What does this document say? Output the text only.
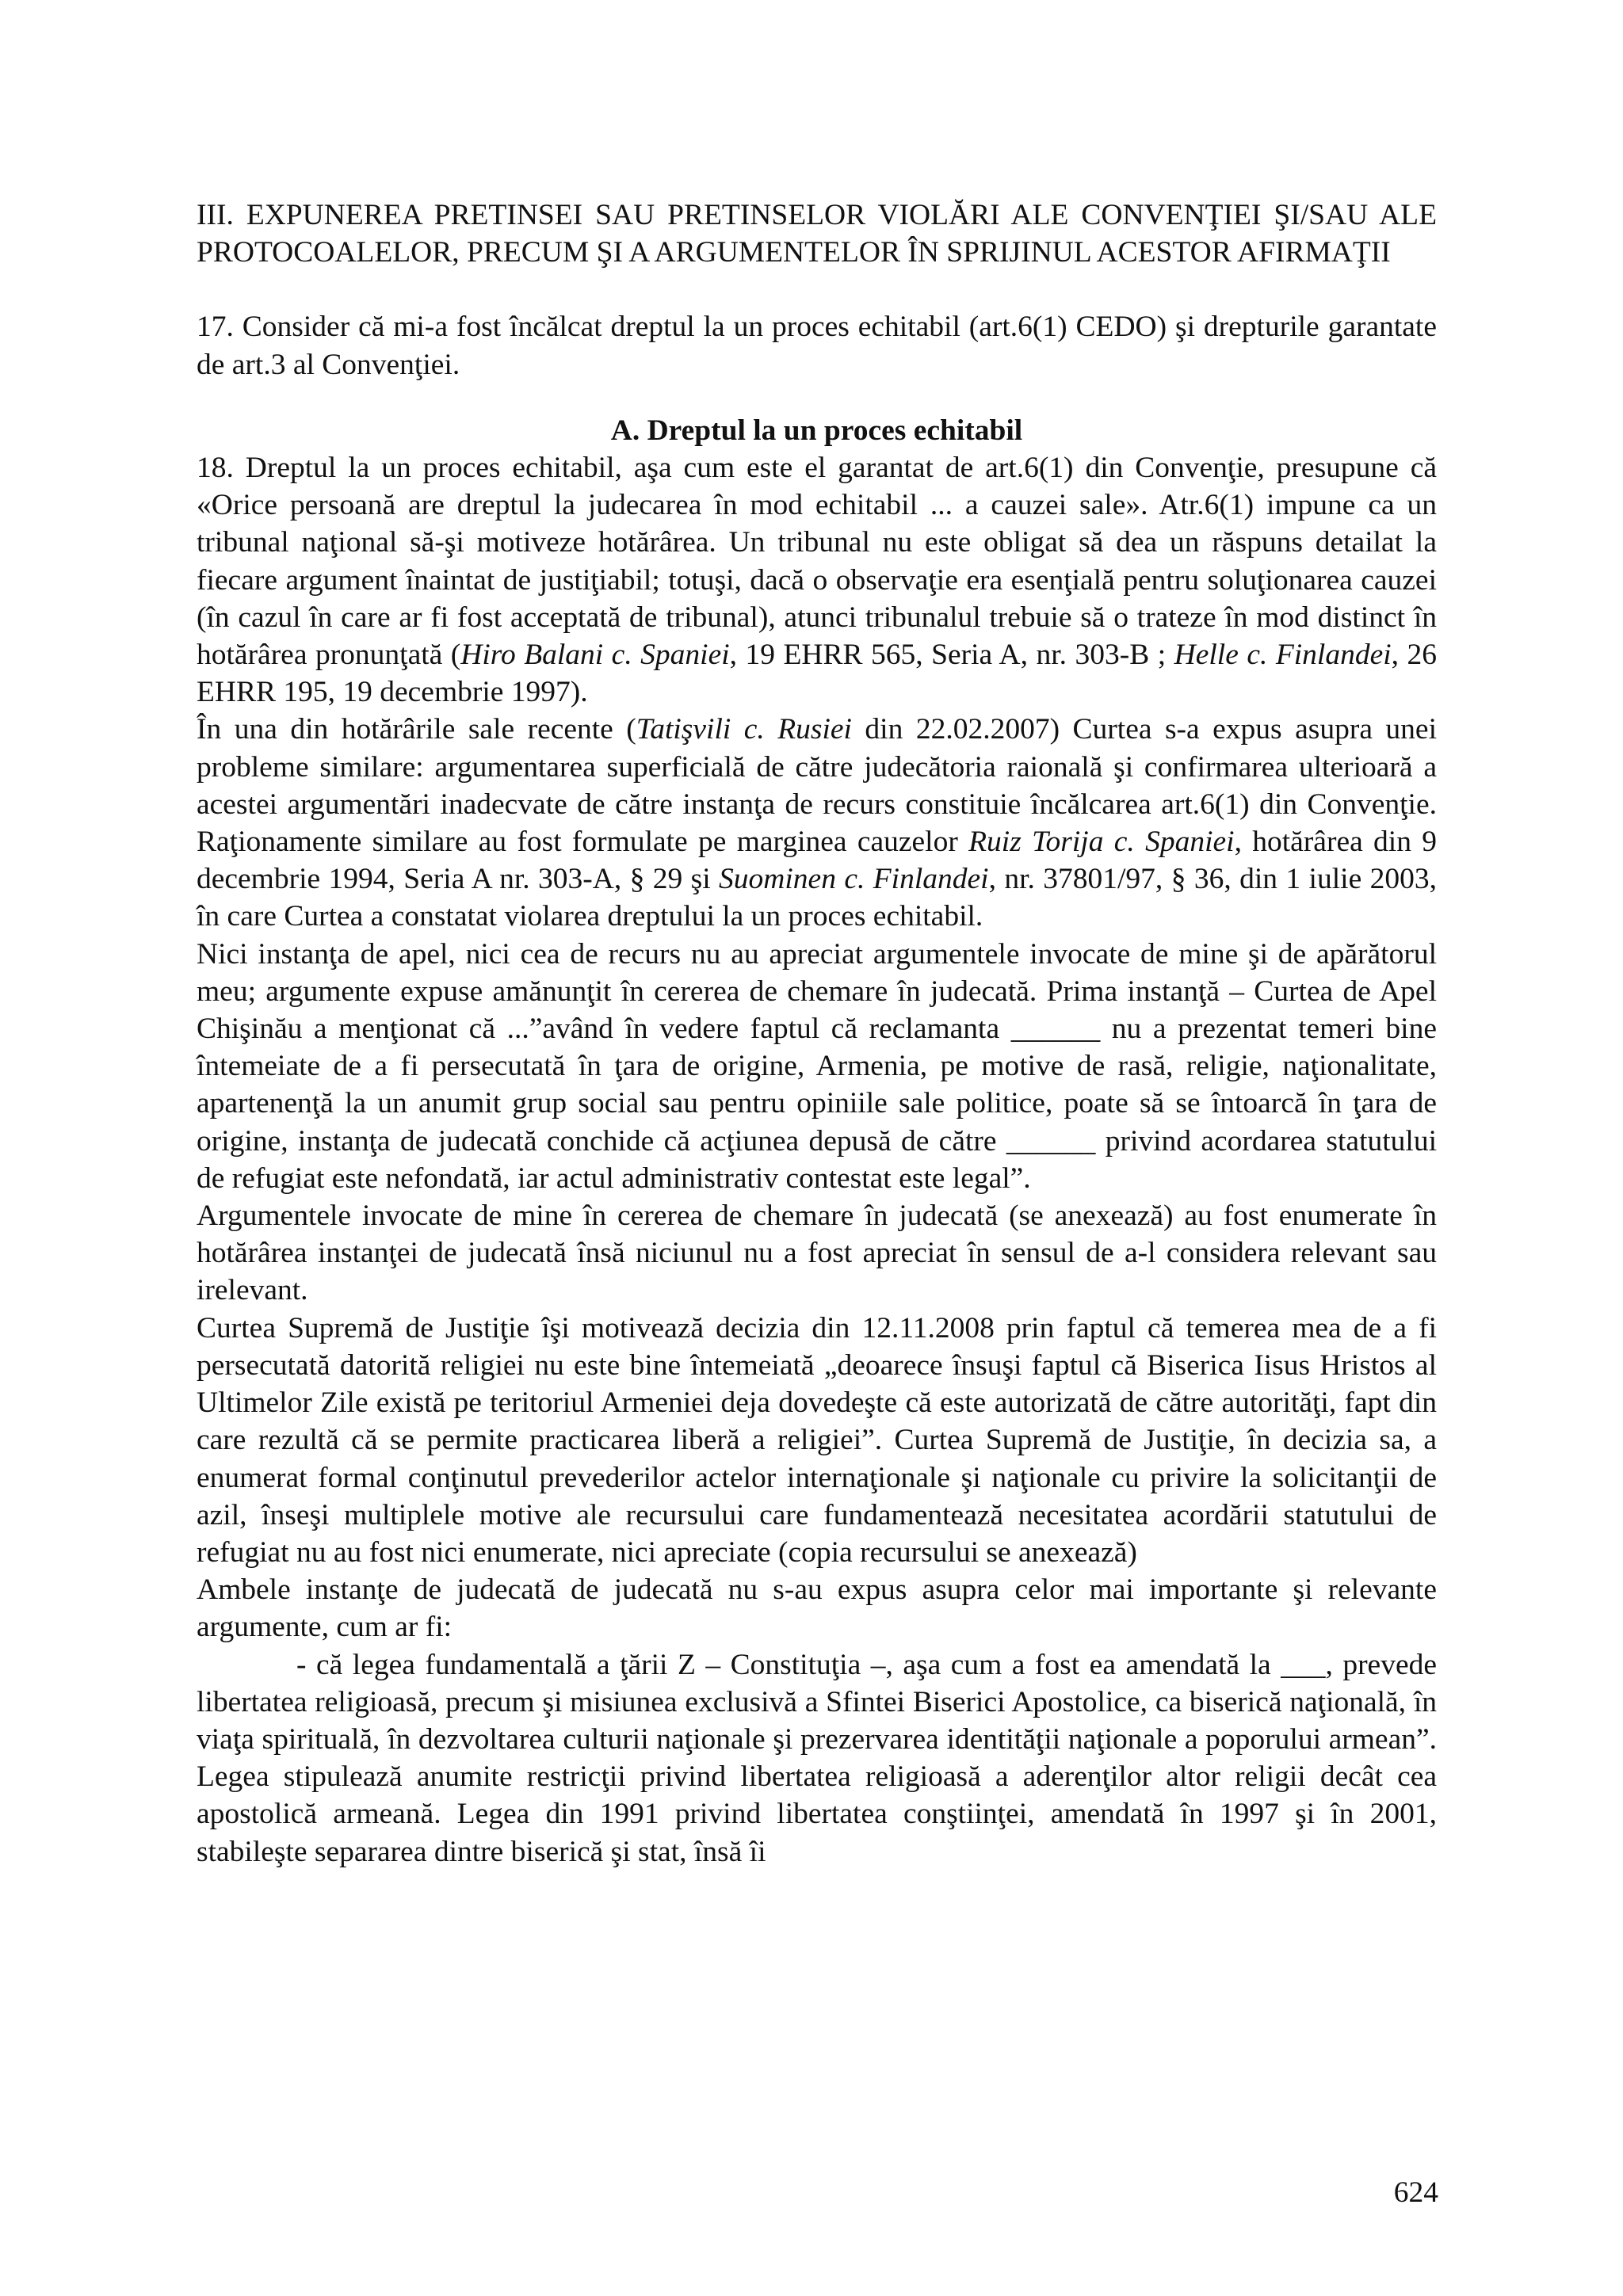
III. EXPUNEREA PRETINSEI SAU PRETINSELOR VIOLĂRI ALE CONVENŢIEI ŞI/SAU ALE PROTOCOALELOR, PRECUM ŞI A ARGUMENTELOR ÎN SPRIJINUL ACESTOR AFIRMAŢII

17. Consider că mi-a fost încălcat dreptul la un proces echitabil (art.6(1) CEDO) şi drepturile garantate de art.3 al Convenţiei.

A. Dreptul la un proces echitabil

18. Dreptul la un proces echitabil, aşa cum este el garantat de art.6(1) din Convenţie, presupune că «Orice persoană are dreptul la judecarea în mod echitabil ... a cauzei sale». Atr.6(1) impune ca un tribunal naţional să-şi motiveze hotărârea. Un tribunal nu este obligat să dea un răspuns detailat la fiecare argument înaintat de justiţiabil; totuşi, dacă o observaţie era esenţială pentru soluţionarea cauzei (în cazul în care ar fi fost acceptată de tribunal), atunci tribunalul trebuie să o trateze în mod distinct în hotărârea pronunţată (Hiro Balani c. Spaniei, 19 EHRR 565, Seria A, nr. 303-B ; Helle c. Finlandei, 26 EHRR 195, 19 decembrie 1997).

În una din hotărârile sale recente (Tatişvili c. Rusiei din 22.02.2007) Curtea s-a expus asupra unei probleme similare: argumentarea superficială de către judecătoria raională şi confirmarea ulterioară a acestei argumentări inadecvate de către instanţa de recurs constituie încălcarea art.6(1) din Convenţie. Raţionamente similare au fost formulate pe marginea cauzelor Ruiz Torija c. Spaniei, hotărârea din 9 decembrie 1994, Seria A nr. 303-A, § 29 şi Suominen c. Finlandei, nr. 37801/97, § 36, din 1 iulie 2003, în care Curtea a constatat violarea dreptului la un proces echitabil.

Nici instanţa de apel, nici cea de recurs nu au apreciat argumentele invocate de mine şi de apărătorul meu; argumente expuse amănunţit în cererea de chemare în judecată. Prima instanţă – Curtea de Apel Chişinău a menţionat că ...”având în vedere faptul că reclamanta ______ nu a prezentat temeri bine întemeiate de a fi persecutată în ţara de origine, Armenia, pe motive de rasă, religie, naţionalitate, apartenenţă la un anumit grup social sau pentru opiniile sale politice, poate să se întoarcă în ţara de origine, instanţa de judecată conchide că acţiunea depusă de către ______ privind acordarea statutului de refugiat este nefondată, iar actul administrativ contestat este legal”.

Argumentele invocate de mine în cererea de chemare în judecată (se anexează) au fost enumerate în hotărârea instanţei de judecată însă niciunul nu a fost apreciat în sensul de a-l considera relevant sau irelevant.

Curtea Supremă de Justiţie îşi motivează decizia din 12.11.2008 prin faptul că temerea mea de a fi persecutată datorită religiei nu este bine întemeiată „deoarece însuşi faptul că Biserica Iisus Hristos al Ultimelor Zile există pe teritoriul Armeniei deja dovedeşte că este autorizată de către autorităţi, fapt din care rezultă că se permite practicarea liberă a religiei”. Curtea Supremă de Justiţie, în decizia sa, a enumerat formal conţinutul prevederilor actelor internaţionale şi naţionale cu privire la solicitanţii de azil, înseşi multiplele motive ale recursului care fundamentează necesitatea acordării statutului de refugiat nu au fost nici enumerate, nici apreciate (copia recursului se anexează)

Ambele instanţe de judecată de judecată nu s-au expus asupra celor mai importante şi relevante argumente, cum ar fi:

- că legea fundamentală a ţării Z – Constituţia –, aşa cum a fost ea amendată la ___, prevede libertatea religioasă, precum şi misiunea exclusivă a Sfintei Biserici Apostolice, ca biserică naţională, în viaţa spirituală, în dezvoltarea culturii naţionale şi prezervarea identităţii naţionale a poporului armean”. Legea stipulează anumite restricţii privind libertatea religioasă a aderenţilor altor religii decât cea apostolică armeană. Legea din 1991 privind libertatea conştiinţei, amendată în 1997 şi în 2001, stabileşte separarea dintre biserică şi stat, însă îi

624
